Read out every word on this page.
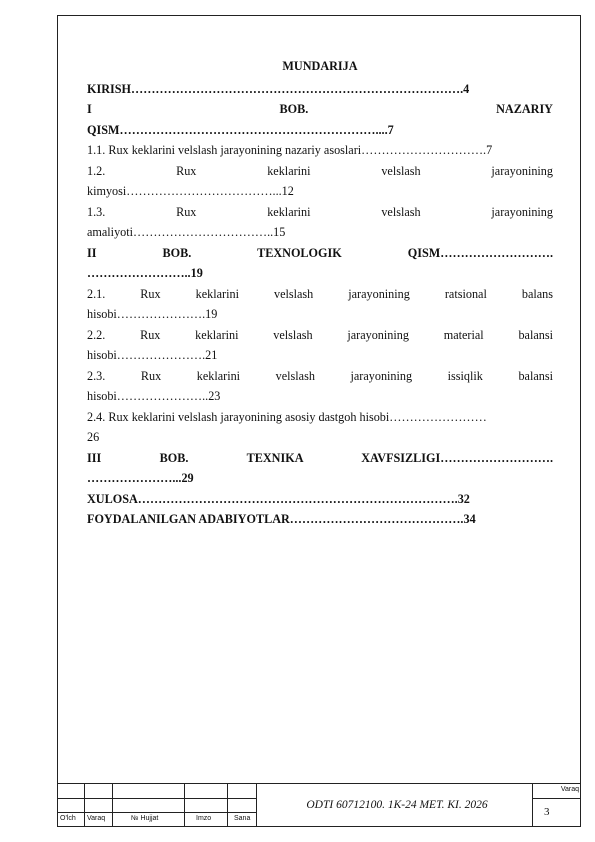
MUNDARIJA
KIRISH……………………………………………………………………….4
I BOB. NAZARIY
QISM………………………………………………………....7
1.1. Rux keklarini velslash jarayonining nazariy asoslari………………………….7
1.2. Rux keklarini velslash jarayonining
kimyosi………………………………...12
1.3. Rux keklarini velslash jarayonining
amaliyoti……………………………..15
II BOB. TEXNOLOGIK QISM……………………….
……………………..19
2.1. Rux keklarini velslash jarayonining ratsional balans
hisobi………………….19
2.2. Rux keklarini velslash jarayonining material balansi
hisobi………………….21
2.3. Rux keklarini velslash jarayonining issiqlik balansi
hisobi…………………..23
2.4. Rux keklarini velslash jarayonining asosiy dastgoh hisobi……………………
26
III BOB. TEXNIKA XAVFSIZLIGI……………………….
…………………...29
XULOSA…………………………………………………………………….32
FOYDALANILGAN ADABIYOTLAR…………………………………….34
O'lch Varaq	№ Hujjat	Imzo	Sana
ODTI 60712100. 1K-24 MET. KI. 2026
Varaq
3
